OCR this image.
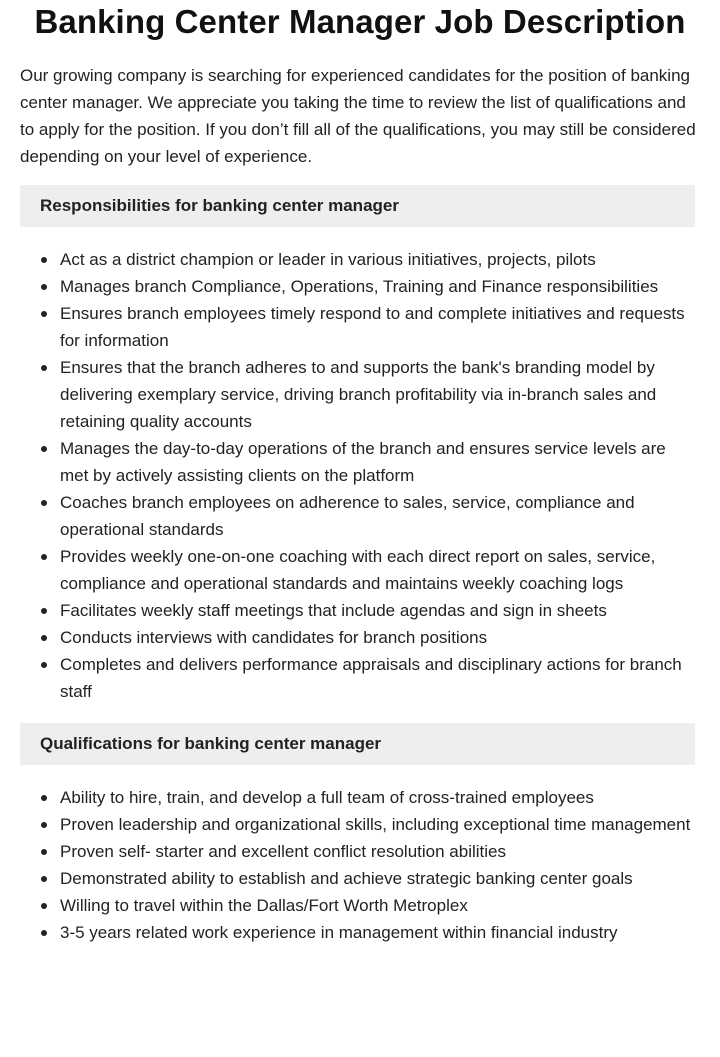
Banking Center Manager Job Description

Our growing company is searching for experienced candidates for the position of banking center manager. We appreciate you taking the time to review the list of qualifications and to apply for the position. If you don’t fill all of the qualifications, you may still be considered depending on your level of experience.

Responsibilities for banking center manager
Act as a district champion or leader in various initiatives, projects, pilots
Manages branch Compliance, Operations, Training and Finance responsibilities
Ensures branch employees timely respond to and complete initiatives and requests for information
Ensures that the branch adheres to and supports the bank's branding model by delivering exemplary service, driving branch profitability via in-branch sales and retaining quality accounts
Manages the day-to-day operations of the branch and ensures service levels are met by actively assisting clients on the platform
Coaches branch employees on adherence to sales, service, compliance and operational standards
Provides weekly one-on-one coaching with each direct report on sales, service, compliance and operational standards and maintains weekly coaching logs
Facilitates weekly staff meetings that include agendas and sign in sheets
Conducts interviews with candidates for branch positions
Completes and delivers performance appraisals and disciplinary actions for branch staff
Qualifications for banking center manager
Ability to hire, train, and develop a full team of cross-trained employees
Proven leadership and organizational skills, including exceptional time management
Proven self- starter and excellent conflict resolution abilities
Demonstrated ability to establish and achieve strategic banking center goals
Willing to travel within the Dallas/Fort Worth Metroplex
3-5 years related work experience in management within financial industry
